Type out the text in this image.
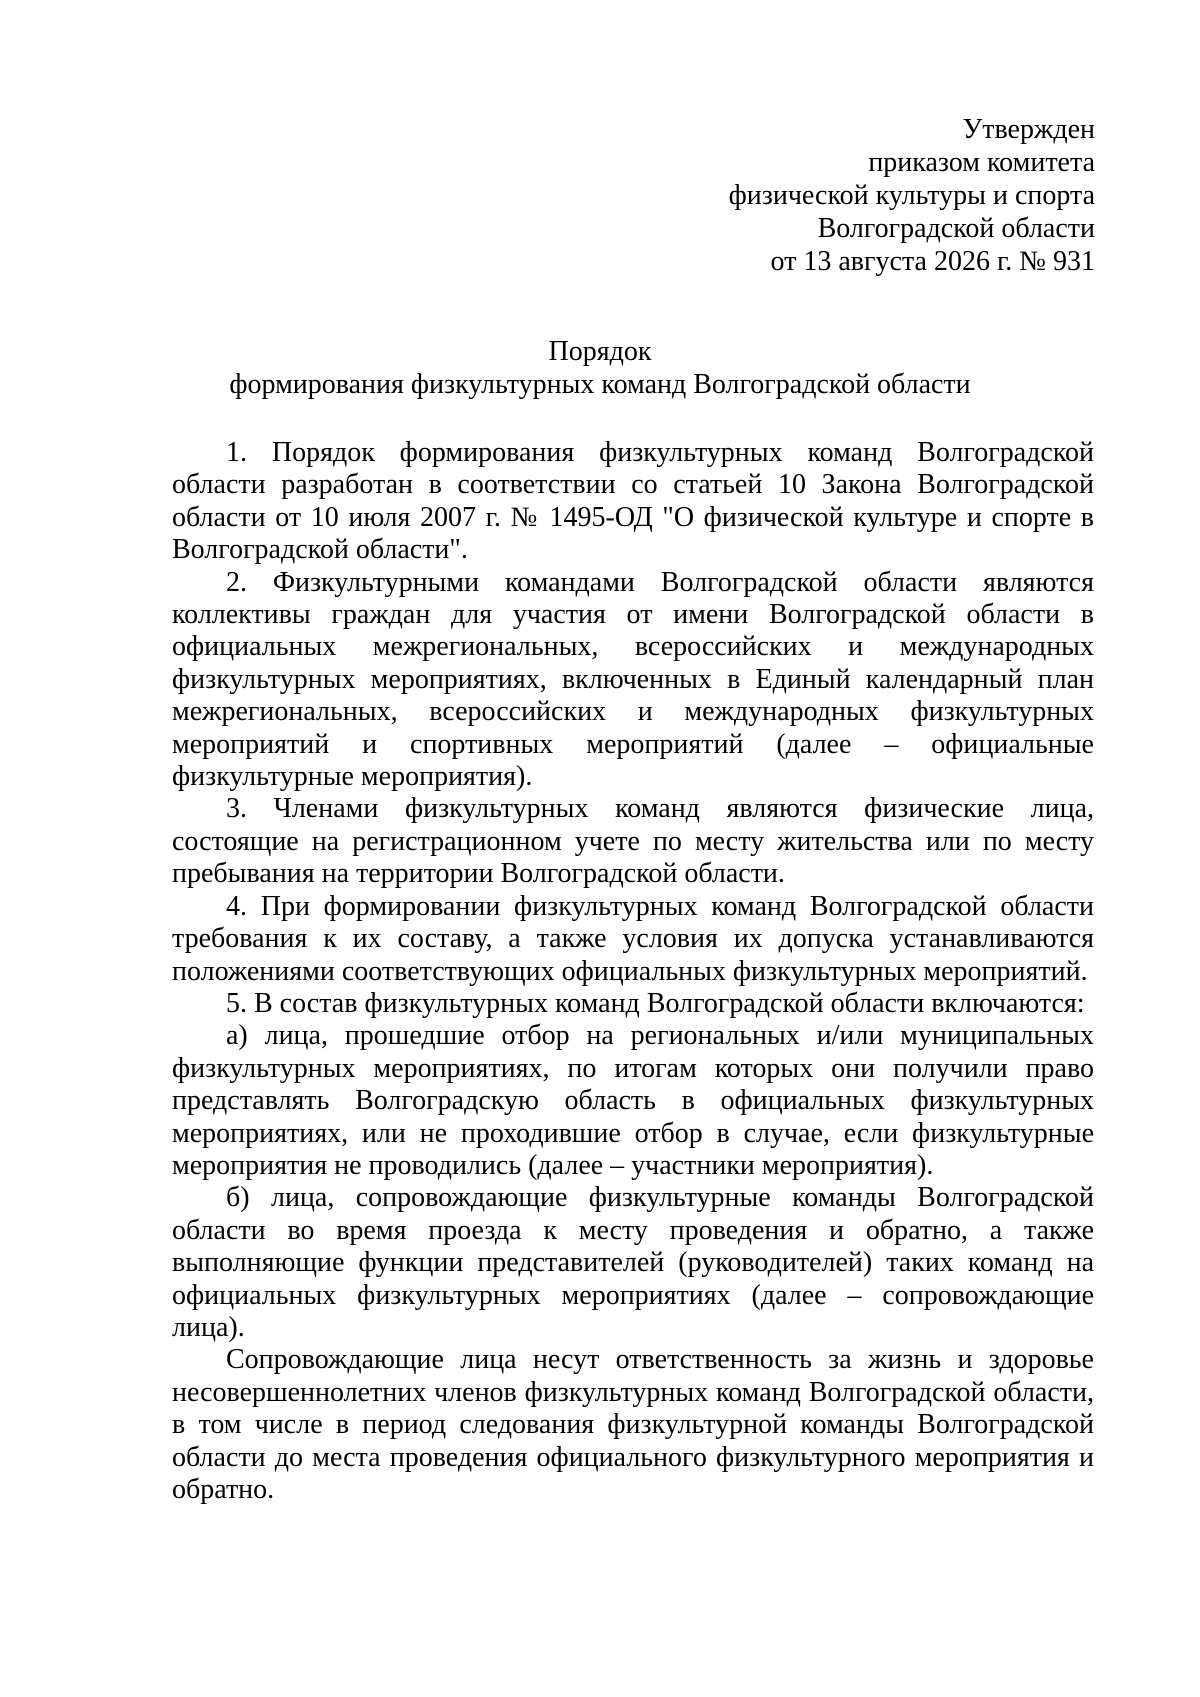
Утвержден
приказом комитета
физической культуры и спорта
Волгоградской области
от 13 августа 2026 г. № 931
Порядок
формирования физкультурных команд Волгоградской области

1. Порядок формирования физкультурных команд Волгоградской области разработан в соответствии со статьей 10 Закона Волгоградской области от 10 июля 2007 г. № 1495-ОД "О физической культуре и спорте в Волгоградской области".

2. Физкультурными командами Волгоградской области являются коллективы граждан для участия от имени Волгоградской области в официальных межрегиональных, всероссийских и международных физкультурных мероприятиях, включенных в Единый календарный план межрегиональных, всероссийских и международных физкультурных мероприятий и спортивных мероприятий (далее – официальные физкультурные мероприятия).

3. Членами физкультурных команд являются физические лица, состоящие на регистрационном учете по месту жительства или по месту пребывания на территории Волгоградской области.

4. При формировании физкультурных команд Волгоградской области требования к их составу, а также условия их допуска устанавливаются положениями соответствующих официальных физкультурных мероприятий.

5. В состав физкультурных команд Волгоградской области включаются:

а) лица, прошедшие отбор на региональных и/или муниципальных физкультурных мероприятиях, по итогам которых они получили право представлять Волгоградскую область в официальных физкультурных мероприятиях, или не проходившие отбор в случае, если физкультурные мероприятия не проводились (далее – участники мероприятия).

б) лица, сопровождающие физкультурные команды Волгоградской области во время проезда к месту проведения и обратно, а также выполняющие функции представителей (руководителей) таких команд на официальных физкультурных мероприятиях (далее – сопровождающие лица).

Сопровождающие лица несут ответственность за жизнь и здоровье несовершеннолетних членов физкультурных команд Волгоградской области, в том числе в период следования физкультурной команды Волгоградской области до места проведения официального физкультурного мероприятия и обратно.
